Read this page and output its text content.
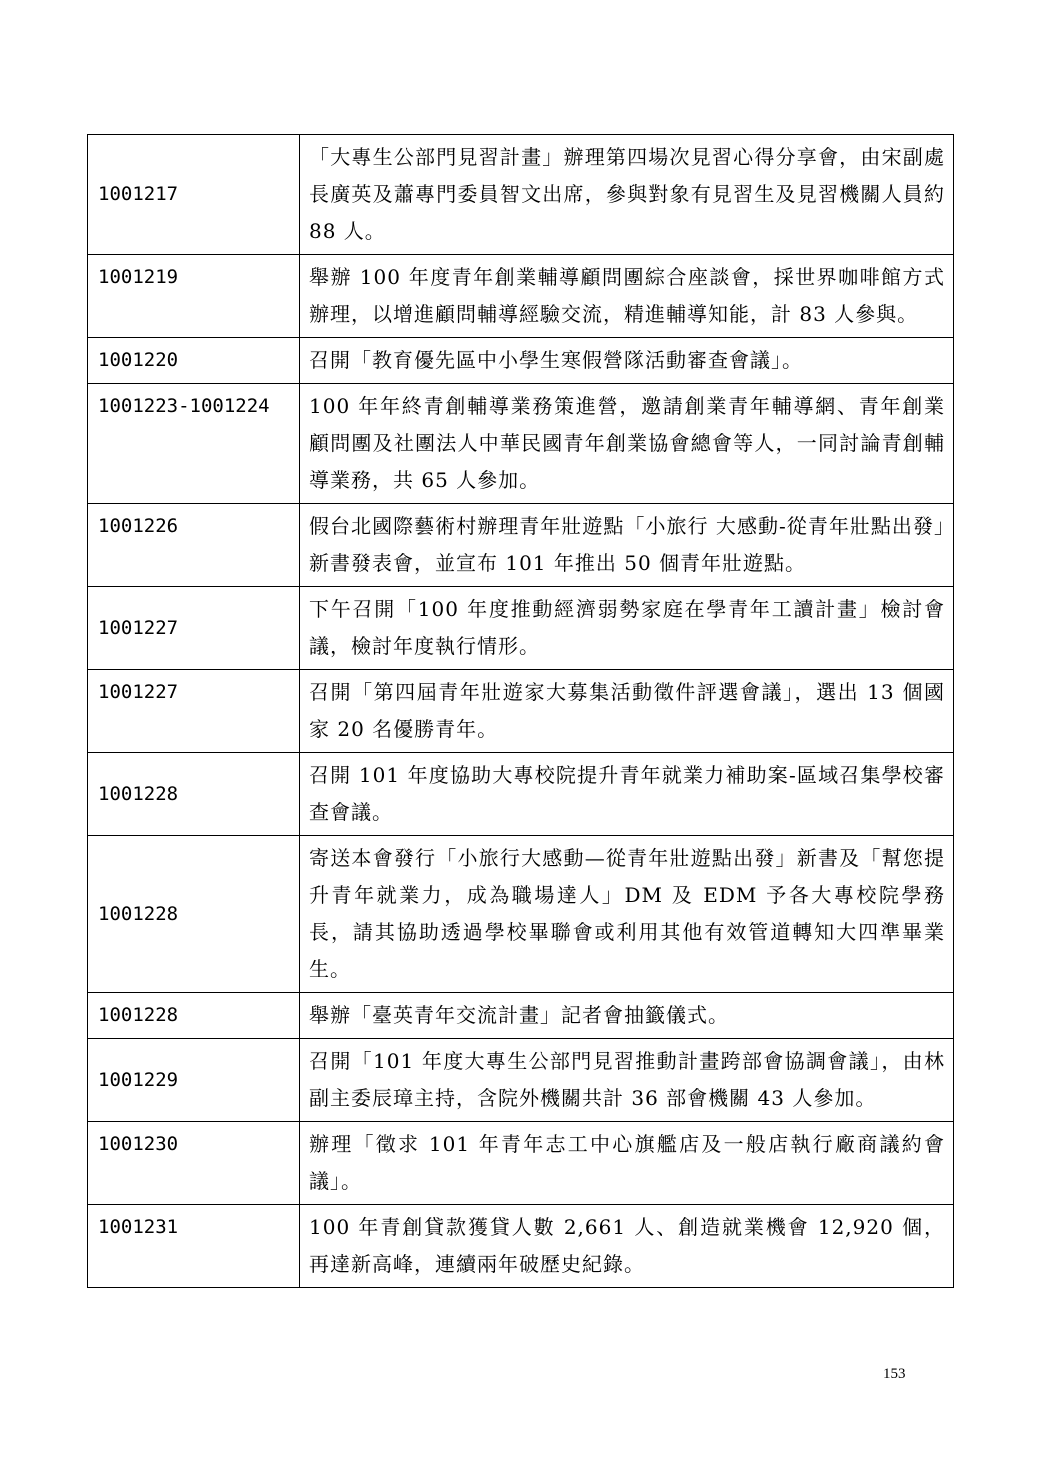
1001217	「大專生公部門見習計畫」辦理第四場次見習心得分享會，由宋副處長廣英及蕭專門委員智文出席，參與對象有見習生及見習機關人員約 88 人。
1001219	舉辦 100 年度青年創業輔導顧問團綜合座談會，採世界咖啡館方式辦理，以增進顧問輔導經驗交流，精進輔導知能，計 83 人參與。
1001220	召開「教育優先區中小學生寒假營隊活動審查會議」。
1001223-1001224	100 年年終青創輔導業務策進營，邀請創業青年輔導網、青年創業顧問團及社團法人中華民國青年創業協會總會等人，一同討論青創輔導業務，共 65 人參加。
1001226	假台北國際藝術村辦理青年壯遊點「小旅行 大感動-從青年壯點出發」新書發表會，並宣布 101 年推出 50 個青年壯遊點。
1001227	下午召開「100 年度推動經濟弱勢家庭在學青年工讀計畫」檢討會議，檢討年度執行情形。
1001227	召開「第四屆青年壯遊家大募集活動徵件評選會議」，選出 13 個國家 20 名優勝青年。
1001228	召開 101 年度協助大專校院提升青年就業力補助案-區域召集學校審查會議。
1001228	寄送本會發行「小旅行大感動—從青年壯遊點出發」新書及「幫您提升青年就業力，成為職場達人」DM 及 EDM 予各大專校院學務長，請其協助透過學校畢聯會或利用其他有效管道轉知大四準畢業生。
1001228	舉辦「臺英青年交流計畫」記者會抽籤儀式。
1001229	召開「101 年度大專生公部門見習推動計畫跨部會協調會議」，由林副主委辰璋主持，含院外機關共計 36 部會機關 43 人參加。
1001230	辦理「徵求 101 年青年志工中心旗艦店及一般店執行廠商議約會議」。
1001231	100 年青創貸款獲貸人數 2,661 人、創造就業機會 12,920 個，再達新高峰，連續兩年破歷史紀錄。
153
